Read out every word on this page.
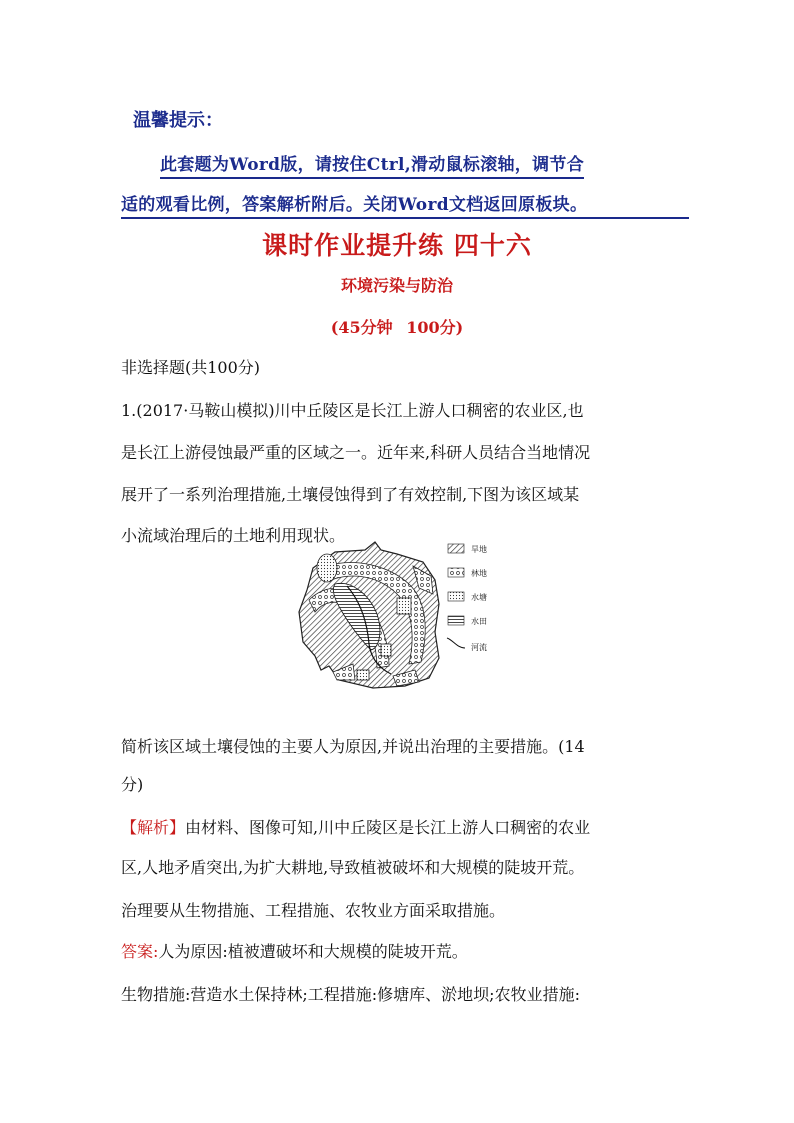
温馨提示：
此套题为Word版，请按住Ctrl,滑动鼠标滚轴，调节合
适的观看比例，答案解析附后。关闭Word文档返回原板块。
课时作业提升练 四十六
环境污染与防治
(45分钟 100分)
非选择题(共100分)
1.(2017·马鞍山模拟)川中丘陵区是长江上游人口稠密的农业区,也
是长江上游侵蚀最严重的区域之一。近年来,科研人员结合当地情况
展开了一系列治理措施,土壤侵蚀得到了有效控制,下图为该区域某
小流域治理后的土地利用现状。
旱地
林地
水塘
水田
河流
简析该区域土壤侵蚀的主要人为原因,并说出治理的主要措施。(14
分)
【解析】由材料、图像可知,川中丘陵区是长江上游人口稠密的农业
区,人地矛盾突出,为扩大耕地,导致植被破坏和大规模的陡坡开荒。
治理要从生物措施、工程措施、农牧业方面采取措施。
答案:人为原因:植被遭破坏和大规模的陡坡开荒。
生物措施:营造水土保持林;工程措施:修塘库、淤地坝;农牧业措施:
